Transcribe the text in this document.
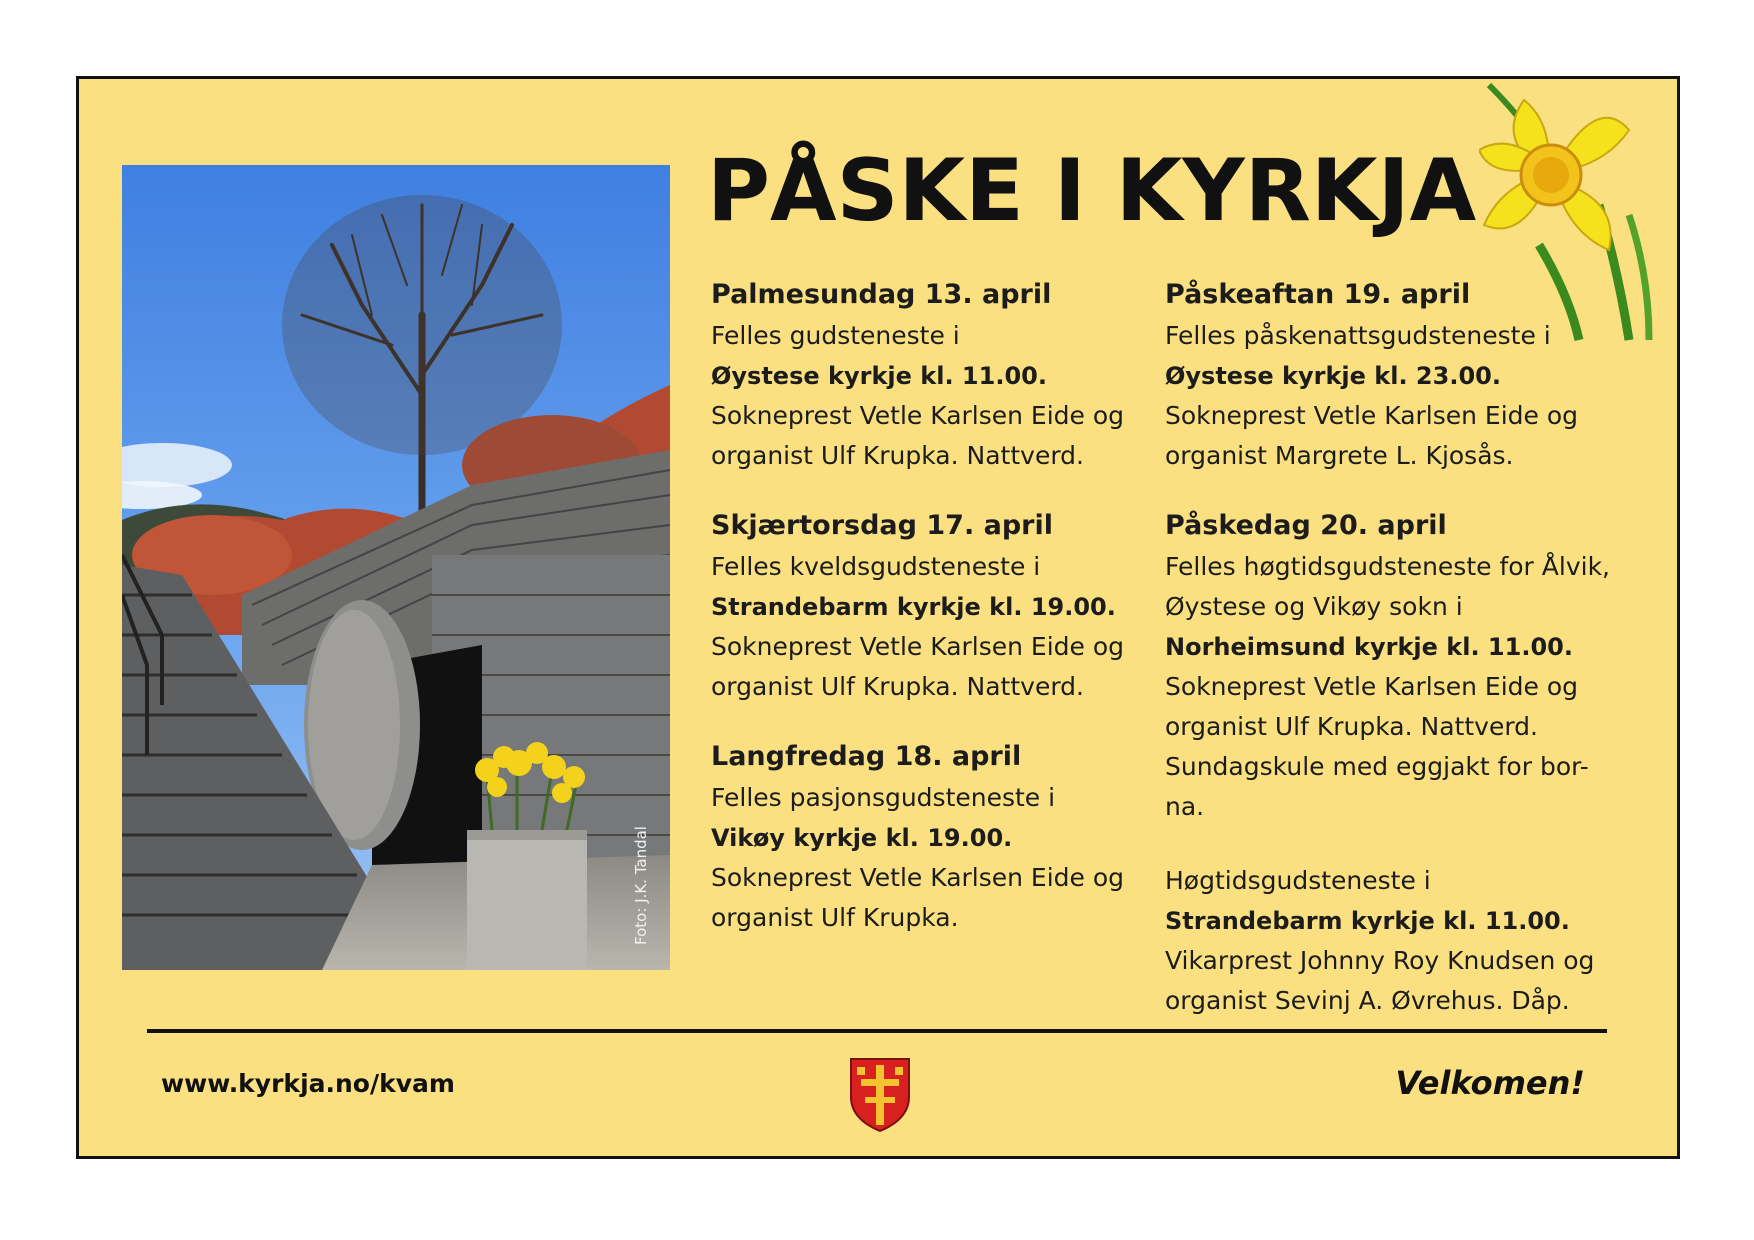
Foto: J.K. Tandal
PÅSKE I KYRKJA
Palmesundag 13. april

Felles gudsteneste i

Øystese kyrkje kl. 11.00.

Sokneprest Vetle Karlsen Eide og

organist Ulf Krupka. Nattverd.

Skjærtorsdag 17. april

Felles kveldsgudsteneste i

Strandebarm kyrkje kl. 19.00.

Sokneprest Vetle Karlsen Eide og

organist Ulf Krupka. Nattverd.

Langfredag 18. april

Felles pasjonsgudsteneste i

Vikøy kyrkje kl. 19.00.

Sokneprest Vetle Karlsen Eide og

organist Ulf Krupka.

Påskeaftan 19. april

Felles påskenattsgudsteneste i

Øystese kyrkje kl. 23.00.

Sokneprest Vetle Karlsen Eide og

organist Margrete L. Kjosås.

Påskedag 20. april

Felles høgtidsgudsteneste for Ålvik,

Øystese og Vikøy sokn i

Norheimsund kyrkje kl. 11.00.

Sokneprest Vetle Karlsen Eide og

organist Ulf Krupka. Nattverd.

Sundagskule med eggjakt for bor-

na.

Høgtidsgudsteneste i

Strandebarm kyrkje kl. 11.00.

Vikarprest Johnny Roy Knudsen og

organist Sevinj A. Øvrehus. Dåp.

www.kyrkja.no/kvam	Velkomen!
